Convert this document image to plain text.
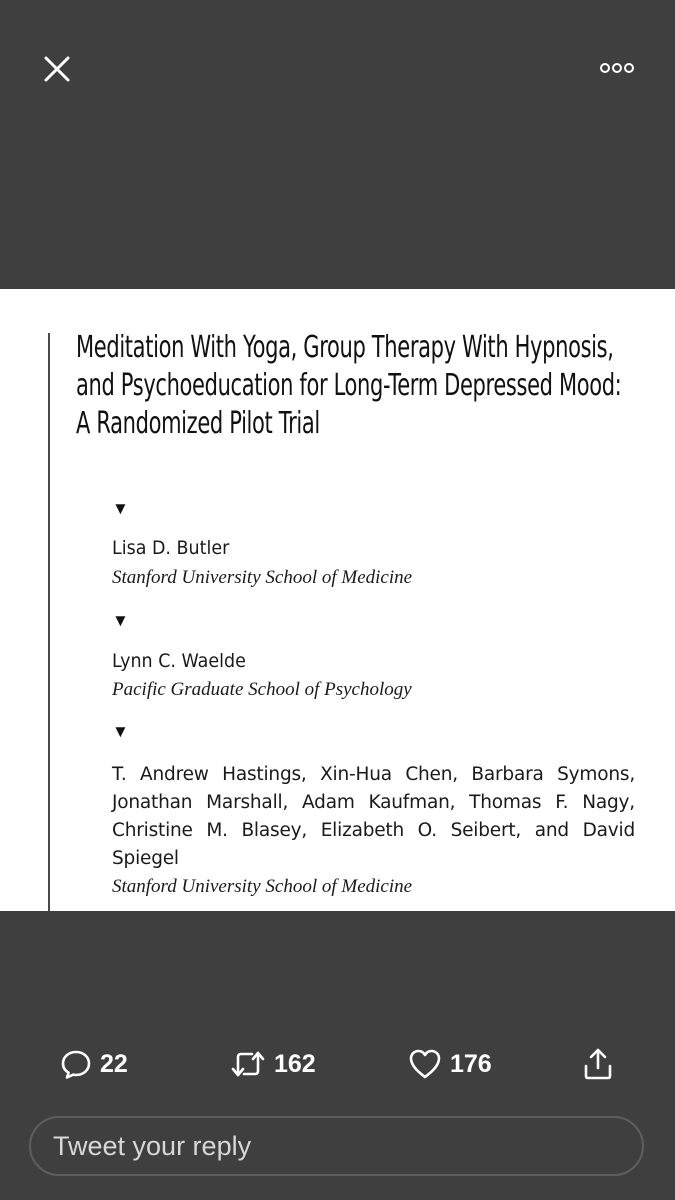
Meditation With Yoga, Group Therapy With Hypnosis,
and Psychoeducation for Long-Term Depressed Mood:
A Randomized Pilot Trial
▼
Lisa D. Butler
Stanford University School of Medicine
▼
Lynn C. Waelde
Pacific Graduate School of Psychology
▼
T. Andrew Hastings, Xin-Hua Chen, Barbara Symons, Jonathan Marshall, Adam Kaufman, Thomas F. Nagy, Christine M. Blasey, Elizabeth O. Seibert, and David Spiegel
Stanford University School of Medicine
22	162	176
Tweet your reply
